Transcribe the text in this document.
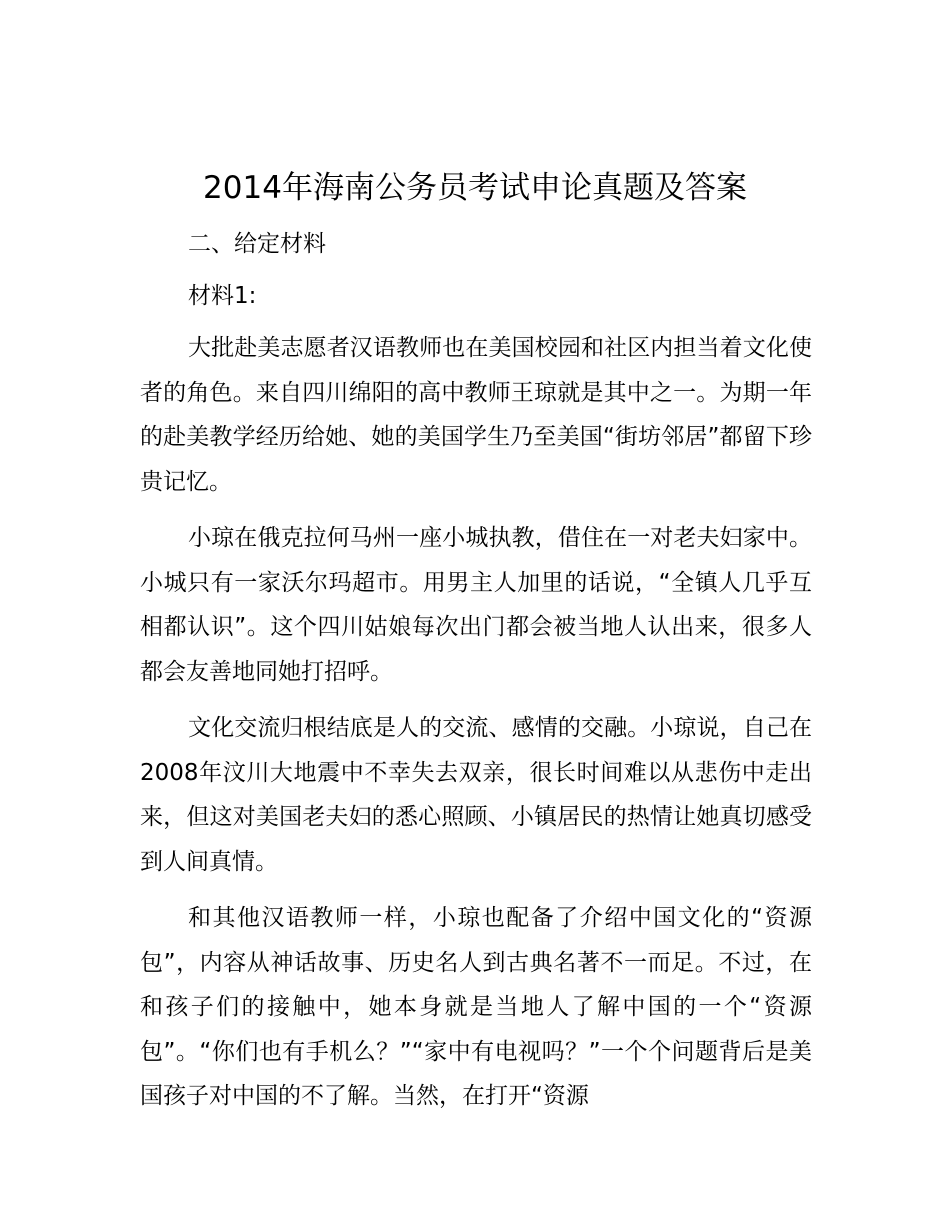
2014年海南公务员考试申论真题及答案

二、给定材料

材料1:

大批赴美志愿者汉语教师也在美国校园和社区内担当着文化使者的角色。来自四川绵阳的高中教师王琼就是其中之一。为期一年的赴美教学经历给她、她的美国学生乃至美国“街坊邻居”都留下珍贵记忆。

小琼在俄克拉何马州一座小城执教，借住在一对老夫妇家中。小城只有一家沃尔玛超市。用男主人加里的话说，“全镇人几乎互相都认识”。这个四川姑娘每次出门都会被当地人认出来，很多人都会友善地同她打招呼。

文化交流归根结底是人的交流、感情的交融。小琼说，自己在2008年汶川大地震中不幸失去双亲，很长时间难以从悲伤中走出来，但这对美国老夫妇的悉心照顾、小镇居民的热情让她真切感受到人间真情。

和其他汉语教师一样，小琼也配备了介绍中国文化的“资源包”，内容从神话故事、历史名人到古典名著不一而足。不过，在和孩子们的接触中，她本身就是当地人了解中国的一个“资源包”。“你们也有手机么？”“家中有电视吗？”一个个问题背后是美国孩子对中国的不了解。当然，在打开“资源
